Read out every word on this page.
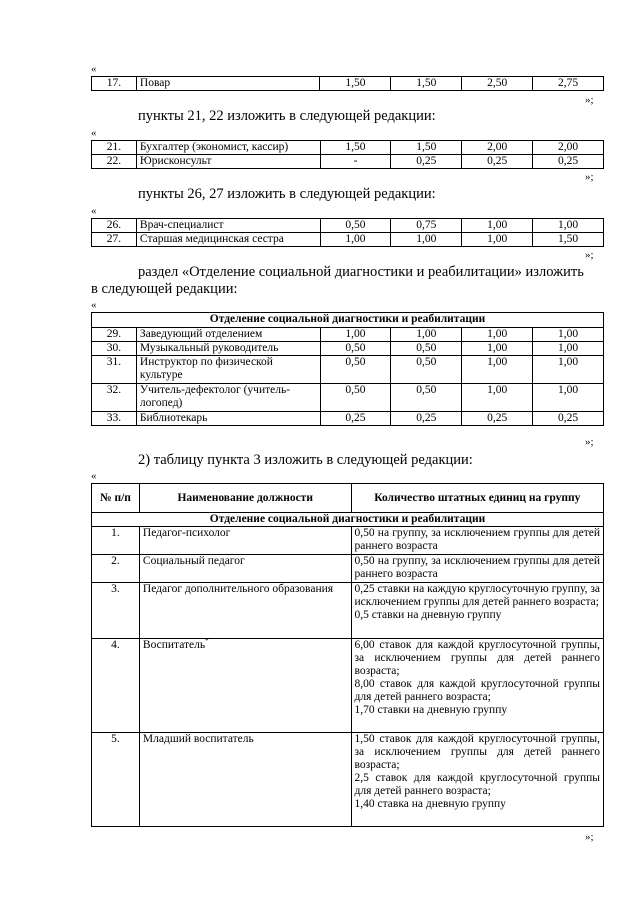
«
17.	Повар	1,50	1,50	2,50	2,75
»;
пункты 21, 22 изложить в следующей редакции:
«
21.	Бухгалтер (экономист, кассир)	1,50	1,50	2,00	2,00
22.	Юрисконсульт	-	0,25	0,25	0,25
»;
пункты 26, 27 изложить в следующей редакции:
«
26.	Врач-специалист	0,50	0,75	1,00	1,00
27.	Старшая медицинская сестра	1,00	1,00	1,00	1,50
»;
раздел «Отделение социальной диагностики и реабилитации» изложить
в следующей редакции:
«
Отделение социальной диагностики и реабилитации					
29.	Заведующий отделением	1,00	1,00	1,00	1,00
30.	Музыкальный руководитель	0,50	0,50	1,00	1,00
31.	Инструктор по физической культуре	0,50	0,50	1,00	1,00
32.	Учитель-дефектолог (учитель-логопед)	0,50	0,50	1,00	1,00
33.	Библиотекарь	0,25	0,25	0,25	0,25
»;
2) таблицу пункта 3 изложить в следующей редакции:
«
№ п/п	Наименование должности	Количество штатных единиц на группу
Отделение социальной диагностики и реабилитации		
1.	Педагог-психолог	0,50 на группу, за исключением группы для детей раннего возраста

2.	Социальный педагог	0,50 на группу, за исключением группы для детей раннего возраста

3.	Педагог дополнительного образования	0,25 ставки на каждую круглосуточную группу, за исключением группы для детей раннего возраста;
0,5 ставки на дневную группу

4.	Воспитатель*	6,00 ставок для каждой круглосуточной группы, за исключением группы для детей раннего возраста;
8,00 ставок для каждой круглосуточной группы для детей раннего возраста;
1,70 ставки на дневную группу

5.	Младший воспитатель	1,50 ставок для каждой круглосуточной группы, за исключением группы для детей раннего возраста;
2,5 ставок для каждой круглосуточной группы для детей раннего возраста;
1,40 ставка на дневную группу
»;
